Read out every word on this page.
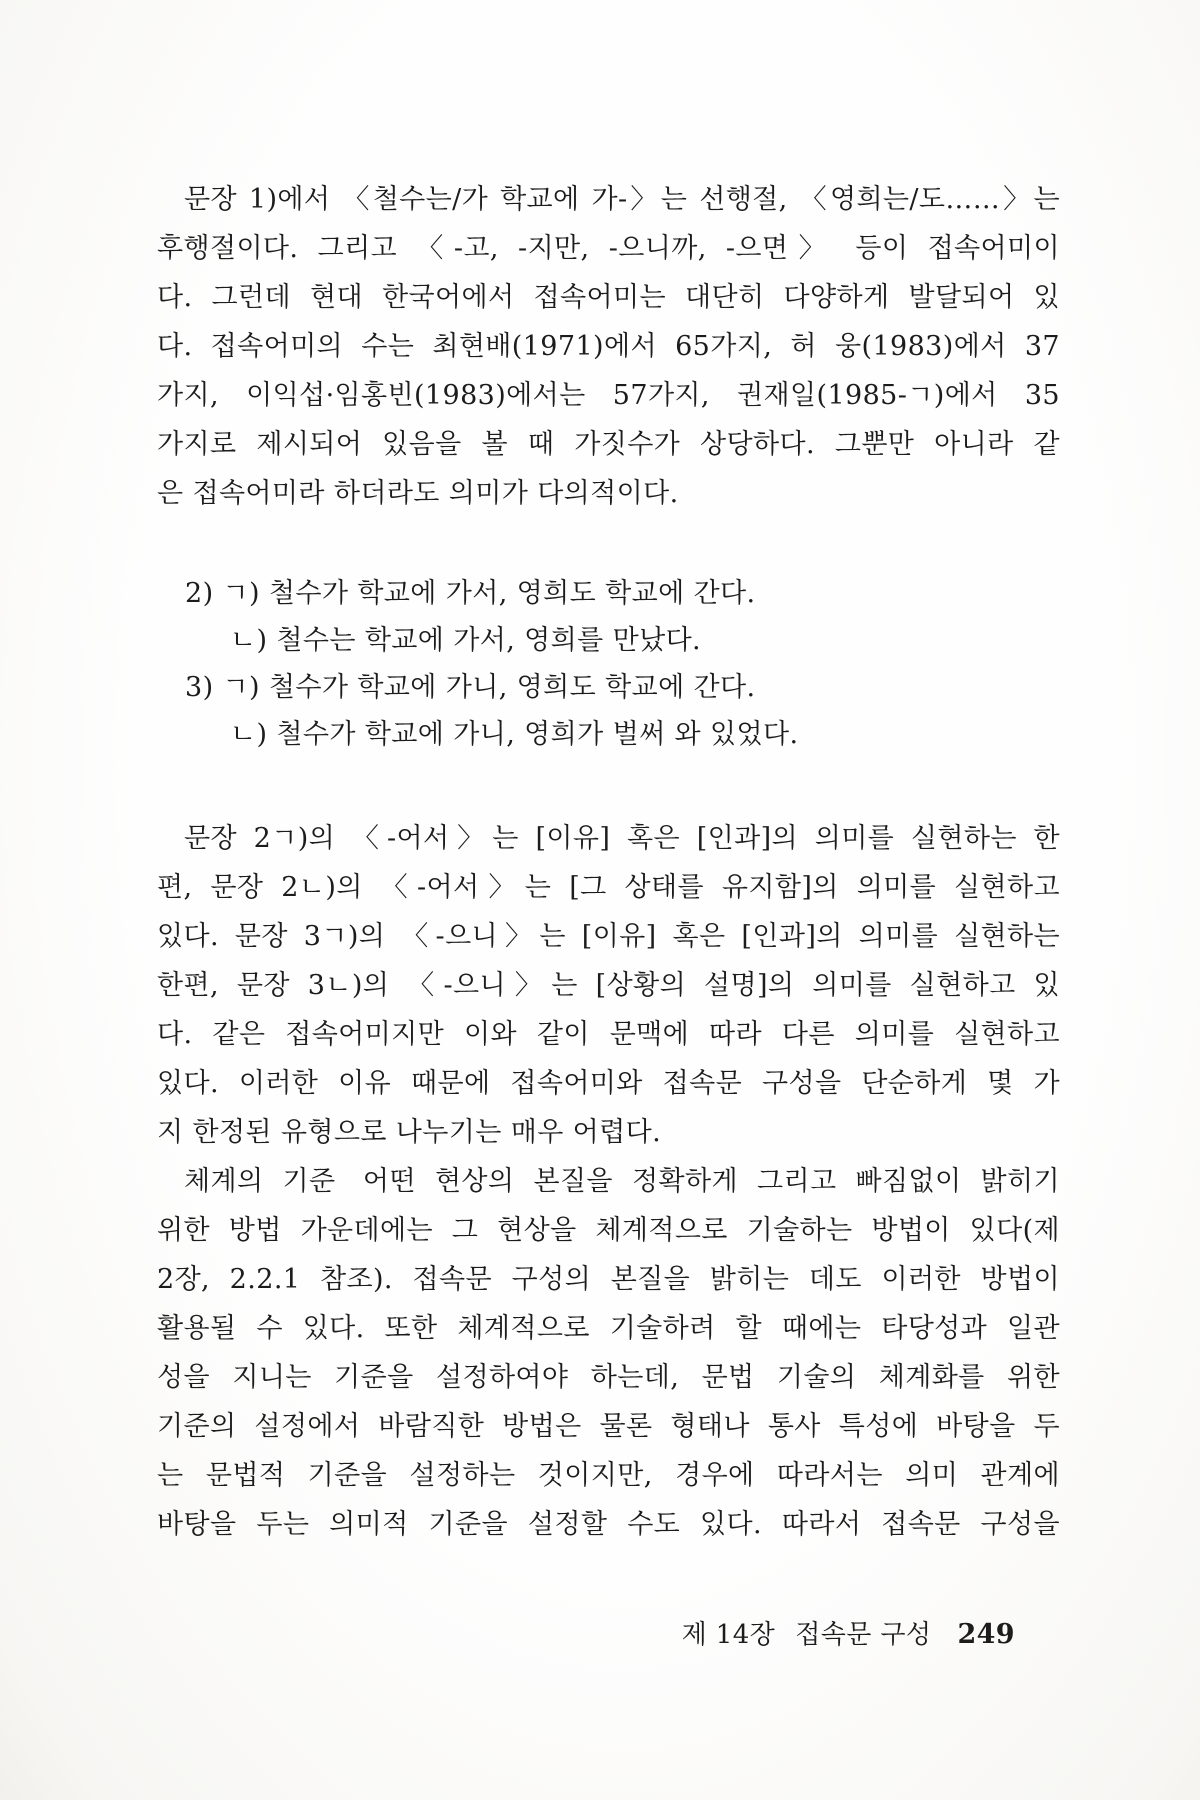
문장 1)에서 〈철수는/가 학교에 가-〉는 선행절, 〈영희는/도……〉는
후행절이다. 그리고 〈-고, -지만, -으니까, -으면〉 등이 접속어미이
다. 그런데 현대 한국어에서 접속어미는 대단히 다양하게 발달되어 있
다. 접속어미의 수는 최현배(1971)에서 65가지, 허 웅(1983)에서 37
가지, 이익섭·임홍빈(1983)에서는 57가지, 권재일(1985-ㄱ)에서 35
가지로 제시되어 있음을 볼 때 가짓수가 상당하다. 그뿐만 아니라 같
은 접속어미라 하더라도 의미가 다의적이다.
2) ㄱ) 철수가 학교에 가서, 영희도 학교에 간다.
ㄴ) 철수는 학교에 가서, 영희를 만났다.
3) ㄱ) 철수가 학교에 가니, 영희도 학교에 간다.
ㄴ) 철수가 학교에 가니, 영희가 벌써 와 있었다.
문장 2ㄱ)의 〈-어서〉는 [이유] 혹은 [인과]의 의미를 실현하는 한
편, 문장 2ㄴ)의 〈-어서〉는 [그 상태를 유지함]의 의미를 실현하고
있다. 문장 3ㄱ)의 〈-으니〉는 [이유] 혹은 [인과]의 의미를 실현하는
한편, 문장 3ㄴ)의 〈-으니〉는 [상황의 설명]의 의미를 실현하고 있
다. 같은 접속어미지만 이와 같이 문맥에 따라 다른 의미를 실현하고
있다. 이러한 이유 때문에 접속어미와 접속문 구성을 단순하게 몇 가
지 한정된 유형으로 나누기는 매우 어렵다.
체계의 기준 어떤 현상의 본질을 정확하게 그리고 빠짐없이 밝히기
위한 방법 가운데에는 그 현상을 체계적으로 기술하는 방법이 있다(제
2장, 2.2.1 참조). 접속문 구성의 본질을 밝히는 데도 이러한 방법이
활용될 수 있다. 또한 체계적으로 기술하려 할 때에는 타당성과 일관
성을 지니는 기준을 설정하여야 하는데, 문법 기술의 체계화를 위한
기준의 설정에서 바람직한 방법은 물론 형태나 통사 특성에 바탕을 두
는 문법적 기준을 설정하는 것이지만, 경우에 따라서는 의미 관계에
바탕을 두는 의미적 기준을 설정할 수도 있다. 따라서 접속문 구성을
제 14장 접속문 구성 249
